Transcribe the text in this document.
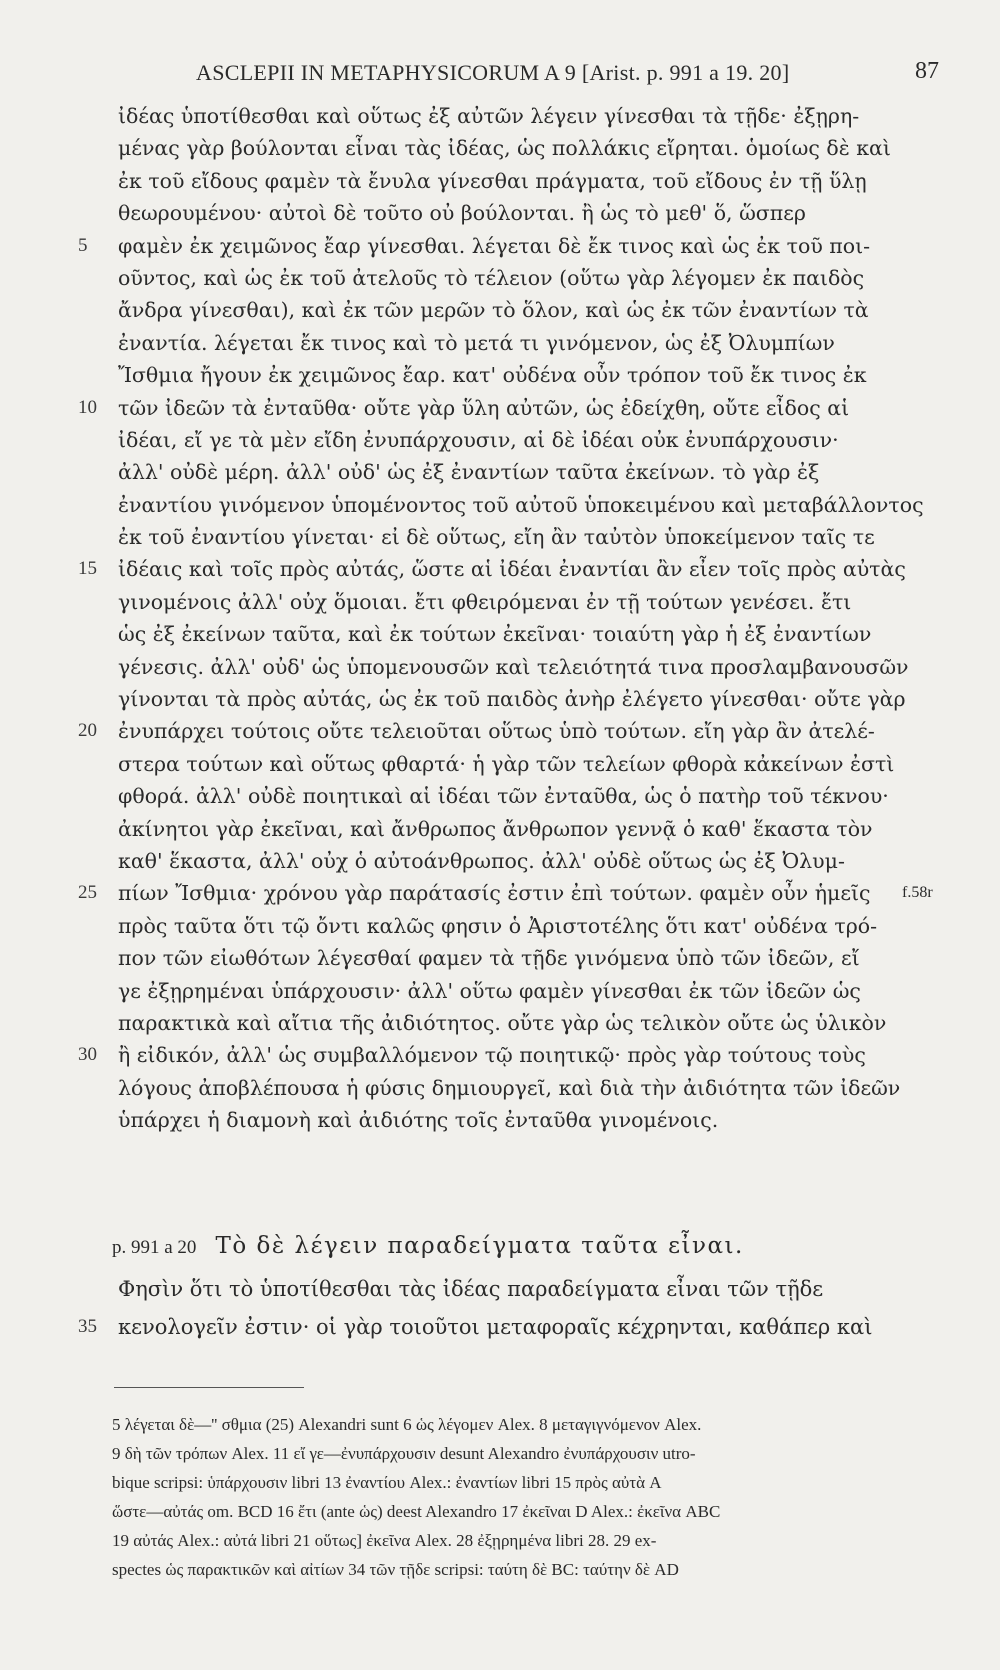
ASCLEPII IN METAPHYSICORUM A 9 [Arist. p. 991 a 19. 20]	87
ἰδέας ὑποτίθεσθαι καὶ οὕτως ἐξ αὐτῶν λέγειν γίνεσθαι τὰ τῇδε· ἐξῃρη-
μένας γὰρ βούλονται εἶναι τὰς ἰδέας, ὡς πολλάκις εἴρηται. ὁμοίως δὲ καὶ
ἐκ τοῦ εἴδους φαμὲν τὰ ἔνυλα γίνεσθαι πράγματα, τοῦ εἴδους ἐν τῇ ὕλῃ
θεωρουμένου· αὐτοὶ δὲ τοῦτο οὐ βούλονται. ἢ ὡς τὸ μεθ' ὅ, ὥσπερ
5	φαμὲν ἐκ χειμῶνος ἔαρ γίνεσθαι. λέγεται δὲ ἔκ τινος καὶ ὡς ἐκ τοῦ ποι-
οῦντος, καὶ ὡς ἐκ τοῦ ἀτελοῦς τὸ τέλειον (οὕτω γὰρ λέγομεν ἐκ παιδὸς
ἄνδρα γίνεσθαι), καὶ ἐκ τῶν μερῶν τὸ ὅλον, καὶ ὡς ἐκ τῶν ἐναντίων τὰ
ἐναντία. λέγεται ἔκ τινος καὶ τὸ μετά τι γινόμενον, ὡς ἐξ Ὀλυμπίων
Ἴσθμια ἤγουν ἐκ χειμῶνος ἔαρ. κατ' οὐδένα οὖν τρόπον τοῦ ἔκ τινος ἐκ
10	τῶν ἰδεῶν τὰ ἐνταῦθα· οὔτε γὰρ ὕλη αὐτῶν, ὡς ἐδείχθη, οὔτε εἶδος αἱ
ἰδέαι, εἴ γε τὰ μὲν εἴδη ἐνυπάρχουσιν, αἱ δὲ ἰδέαι οὐκ ἐνυπάρχουσιν·
ἀλλ' οὐδὲ μέρη. ἀλλ' οὐδ' ὡς ἐξ ἐναντίων ταῦτα ἐκείνων. τὸ γὰρ ἐξ
ἐναντίου γινόμενον ὑπομένοντος τοῦ αὐτοῦ ὑποκειμένου καὶ μεταβάλλοντος
ἐκ τοῦ ἐναντίου γίνεται· εἰ δὲ οὕτως, εἴη ἂν ταὐτὸν ὑποκείμενον ταῖς τε
15	ἰδέαις καὶ τοῖς πρὸς αὐτάς, ὥστε αἱ ἰδέαι ἐναντίαι ἂν εἶεν τοῖς πρὸς αὐτὰς
γινομένοις ἀλλ' οὐχ ὅμοιαι. ἔτι φθειρόμεναι ἐν τῇ τούτων γενέσει. ἔτι
ὡς ἐξ ἐκείνων ταῦτα, καὶ ἐκ τούτων ἐκεῖναι· τοιαύτη γὰρ ἡ ἐξ ἐναντίων
γένεσις. ἀλλ' οὐδ' ὡς ὑπομενουσῶν καὶ τελειότητά τινα προσλαμβανουσῶν
γίνονται τὰ πρὸς αὐτάς, ὡς ἐκ τοῦ παιδὸς ἀνὴρ ἐλέγετο γίνεσθαι· οὔτε γὰρ
20	ἐνυπάρχει τούτοις οὔτε τελειοῦται οὕτως ὑπὸ τούτων. εἴη γὰρ ἂν ἀτελέ-
στερα τούτων καὶ οὕτως φθαρτά· ἡ γὰρ τῶν τελείων φθορὰ κἀκείνων ἐστὶ
φθορά. ἀλλ' οὐδὲ ποιητικαὶ αἱ ἰδέαι τῶν ἐνταῦθα, ὡς ὁ πατὴρ τοῦ τέκνου·
ἀκίνητοι γὰρ ἐκεῖναι, καὶ ἄνθρωπος ἄνθρωπον γεννᾷ ὁ καθ' ἕκαστα τὸν
καθ' ἕκαστα, ἀλλ' οὐχ ὁ αὐτοάνθρωπος. ἀλλ' οὐδὲ οὕτως ὡς ἐξ Ὀλυμ-
25	πίων Ἴσθμια· χρόνου γὰρ παράτασίς ἐστιν ἐπὶ τούτων. φαμὲν οὖν ἡμεῖς f.58r
πρὸς ταῦτα ὅτι τῷ ὄντι καλῶς φησιν ὁ Ἀριστοτέλης ὅτι κατ' οὐδένα τρό-
πον τῶν εἰωθότων λέγεσθαί φαμεν τὰ τῇδε γινόμενα ὑπὸ τῶν ἰδεῶν, εἴ
γε ἐξῃρημέναι ὑπάρχουσιν· ἀλλ' οὕτω φαμὲν γίνεσθαι ἐκ τῶν ἰδεῶν ὡς
παρακτικὰ καὶ αἴτια τῆς ἀιδιότητος. οὔτε γὰρ ὡς τελικὸν οὔτε ὡς ὑλικὸν
30	ἢ εἰδικόν, ἀλλ' ὡς συμβαλλόμενον τῷ ποιητικῷ· πρὸς γὰρ τούτους τοὺς
λόγους ἀποβλέπουσα ἡ φύσις δημιουργεῖ, καὶ διὰ τὴν ἀιδιότητα τῶν ἰδεῶν
ὑπάρχει ἡ διαμονὴ καὶ ἀιδιότης τοῖς ἐνταῦθα γινομένοις.
p. 991 a 20 Τὸ δὲ λέγειν παραδείγματα ταῦτα εἶναι.
Φησὶν ὅτι τὸ ὑποτίθεσθαι τὰς ἰδέας παραδείγματα εἶναι τῶν τῇδε
35	κενολογεῖν ἐστιν· οἱ γὰρ τοιοῦτοι μεταφοραῖς κέχρηνται, καθάπερ καὶ
5 λέγεται δὲ—'' σθμια (25) Alexandri sunt 6 ὡς λέγομεν Alex. 8 μεταγιγνόμενον Alex.
9 δὴ τῶν τρόπων Alex. 11 εἴ γε—ἐνυπάρχουσιν desunt Alexandro ἐνυπάρχουσιν utro-
bique scripsi: ὑπάρχουσιν libri 13 ἐναντίου Alex.: ἐναντίων libri 15 πρὸς αὐτὰ A
ὥστε—αὐτάς om. BCD 16 ἔτι (ante ὡς) deest Alexandro 17 ἐκεῖναι D Alex.: ἐκεῖνα ABC
19 αὐτάς Alex.: αὐτά libri 21 οὕτως] ἐκεῖνα Alex. 28 ἐξῃρημένα libri 28. 29 ex-
spectes ὡς παρακτικῶν καὶ αἰτίων 34 τῶν τῇδε scripsi: ταύτη δὲ BC: ταύτην δὲ AD
